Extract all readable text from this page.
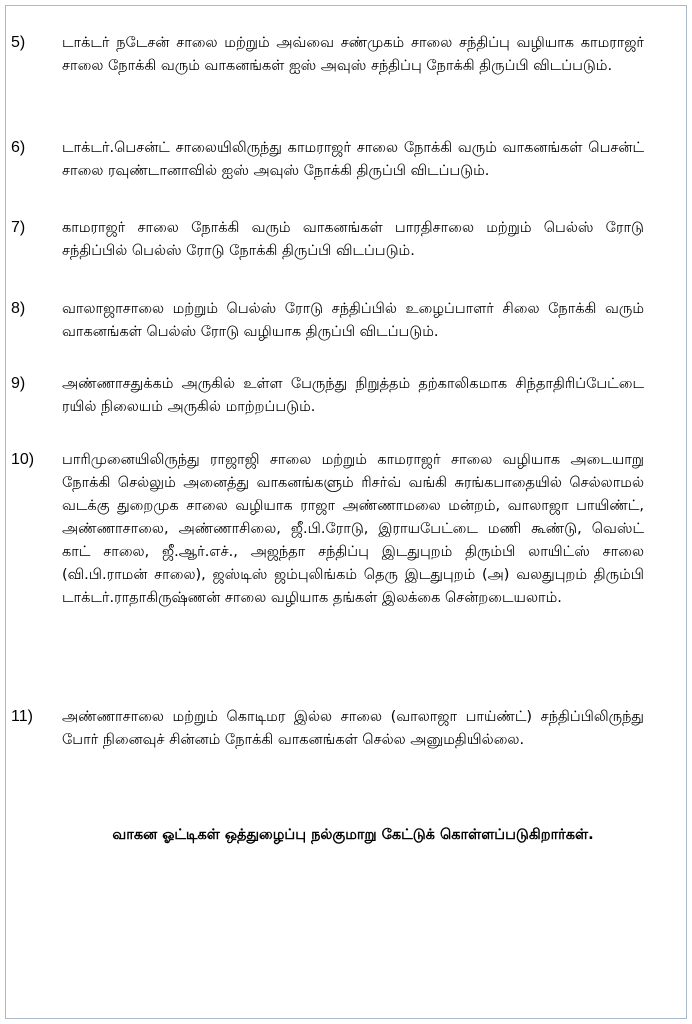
5)	டாக்டர் நடேசன் சாலை மற்றும் அவ்வை சண்முகம் சாலை சந்திப்பு வழியாக காமராஜர் சாலை நோக்கி வரும் வாகனங்கள் ஐஸ் அவுஸ் சந்திப்பு நோக்கி திருப்பி விடப்படும்.

6)	டாக்டர்.பெசன்ட் சாலையிலிருந்து காமராஜர் சாலை நோக்கி வரும் வாகனங்கள் பெசன்ட் சாலை ரவுண்டானாவில் ஐஸ் அவுஸ் நோக்கி திருப்பி விடப்படும்.

7)	காமராஜர் சாலை நோக்கி வரும் வாகனங்கள் பாரதிசாலை மற்றும் பெல்ஸ் ரோடு சந்திப்பில் பெல்ஸ் ரோடு நோக்கி திருப்பி விடப்படும்.

8)	வாலாஜாசாலை மற்றும் பெல்ஸ் ரோடு சந்திப்பில் உழைப்பாளர் சிலை நோக்கி வரும் வாகனங்கள் பெல்ஸ் ரோடு வழியாக திருப்பி விடப்படும்.

9)	அண்ணாசதுக்கம் அருகில் உள்ள பேருந்து நிறுத்தம் தற்காலிகமாக சிந்தாதிரிப்பேட்டை ரயில் நிலையம் அருகில் மாற்றப்படும்.

10)	பாரிமுனையிலிருந்து ராஜாஜி சாலை மற்றும் காமராஜர் சாலை வழியாக அடையாறு நோக்கி செல்லும் அனைத்து வாகனங்களும் ரிசர்வ் வங்கி சுரங்கபாதையில் செல்லாமல் வடக்கு துறைமுக சாலை வழியாக ராஜா அண்ணாமலை மன்றம், வாலாஜா பாயிண்ட், அண்ணாசாலை, அண்ணாசிலை, ஜீ.பி.ரோடு, இராயபேட்டை மணி கூண்டு, வெஸ்ட் காட் சாலை, ஜீ.ஆர்.எச்., அஜந்தா சந்திப்பு இடதுபுறம் திரும்பி லாயிட்ஸ் சாலை (வி.பி.ராமன் சாலை), ஜஸ்டிஸ் ஜம்புலிங்கம் தெரு இடதுபுறம் (அ) வலதுபுறம் திரும்பி டாக்டர்.ராதாகிருஷ்ணன் சாலை வழியாக தங்கள் இலக்கை சென்றடையலாம்.

11)	அண்ணாசாலை மற்றும் கொடிமர இல்ல சாலை (வாலாஜா பாய்ண்ட்) சந்திப்பிலிருந்து போர் நினைவுச் சின்னம் நோக்கி வாகனங்கள் செல்ல அனுமதியில்லை.

வாகன ஓட்டிகள் ஒத்துழைப்பு நல்குமாறு கேட்டுக் கொள்ளப்படுகிறார்கள்.
